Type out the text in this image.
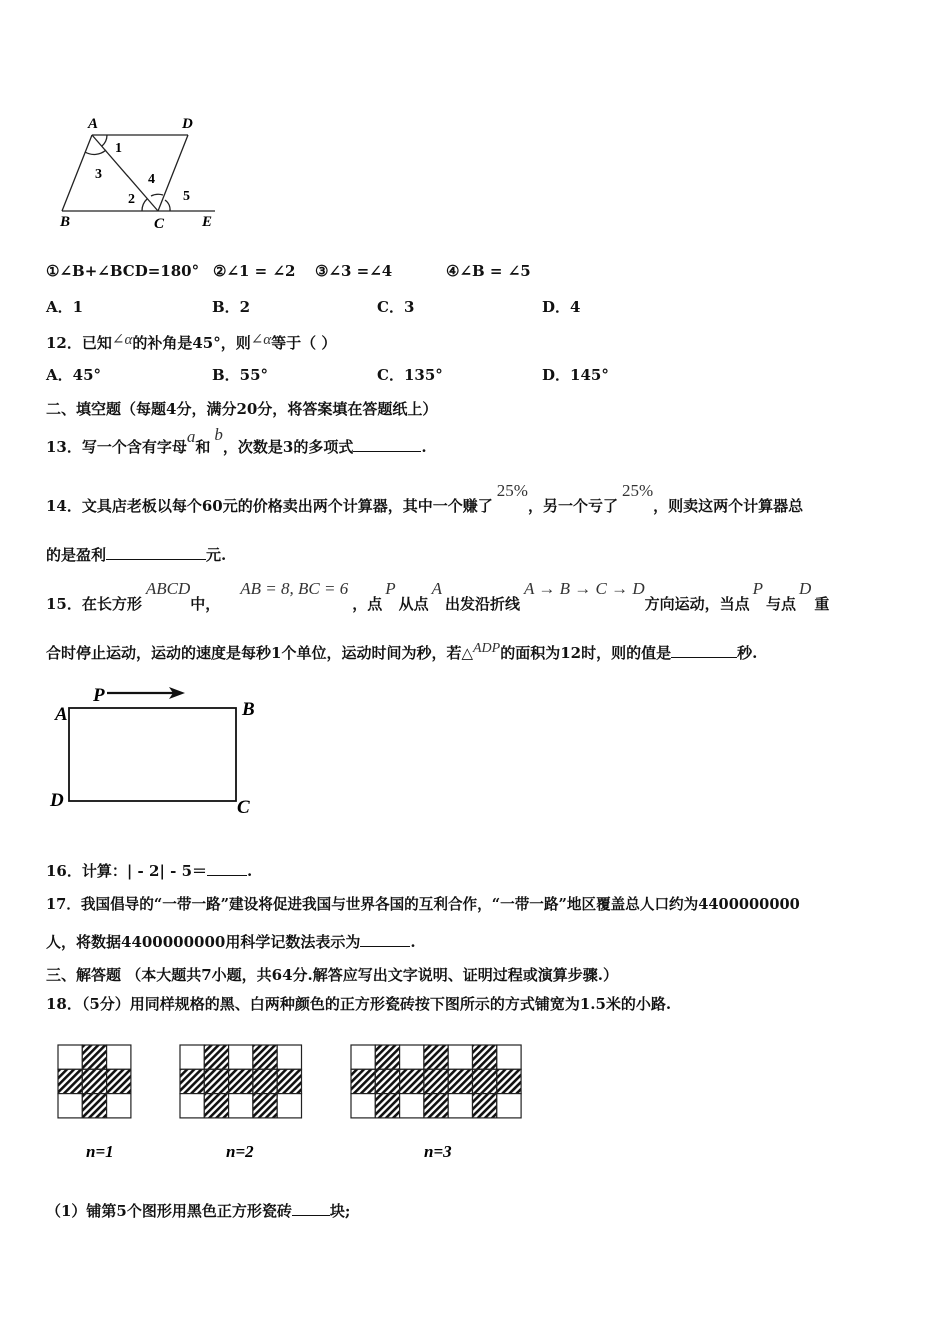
A	D
B	C	E
1
2
3	4
5
①∠B+∠BCD=180° ②∠1 = ∠2 ③∠3 =∠4	④∠B = ∠5
A．1	B．2	C．3	D．4
12．已知∠α的补角是45°，则∠α等于（ ）
A．45°	B．55°	C．135°	D．145°
二、填空题（每题4分，满分20分，将答案填在答题纸上）
13．写一个含有字母a和b，次数是3的多项式	.
14．文具店老板以每个60元的价格卖出两个计算器，其中一个赚了25%，另一个亏了25%，则卖这两个计算器总
的是盈利	元.
15．在长方形ABCD中，AB = 8, BC = 6，点P从点A出发沿折线A → B → C → D方向运动，当点P与点D重
合时停止运动，运动的速度是每秒1个单位，运动时间为秒，若△ADP的面积为12时，则的值是	秒.
A
P
B
D	C
16．计算：| - 2| - 5＝	.
17．我国倡导的“一带一路”建设将促进我国与世界各国的互利合作，“一带一路”地区覆盖总人口约为4400000000
人，将数据4400000000用科学记数法表示为	.
三、解答题 （本大题共7小题，共64分.解答应写出文字说明、证明过程或演算步骤.）
18．（5分）用同样规格的黑、白两种颜色的正方形瓷砖按下图所示的方式铺宽为1.5米的小路.
n=1	n=2	n=3
（1）铺第5个图形用黑色正方形瓷砖	块;
